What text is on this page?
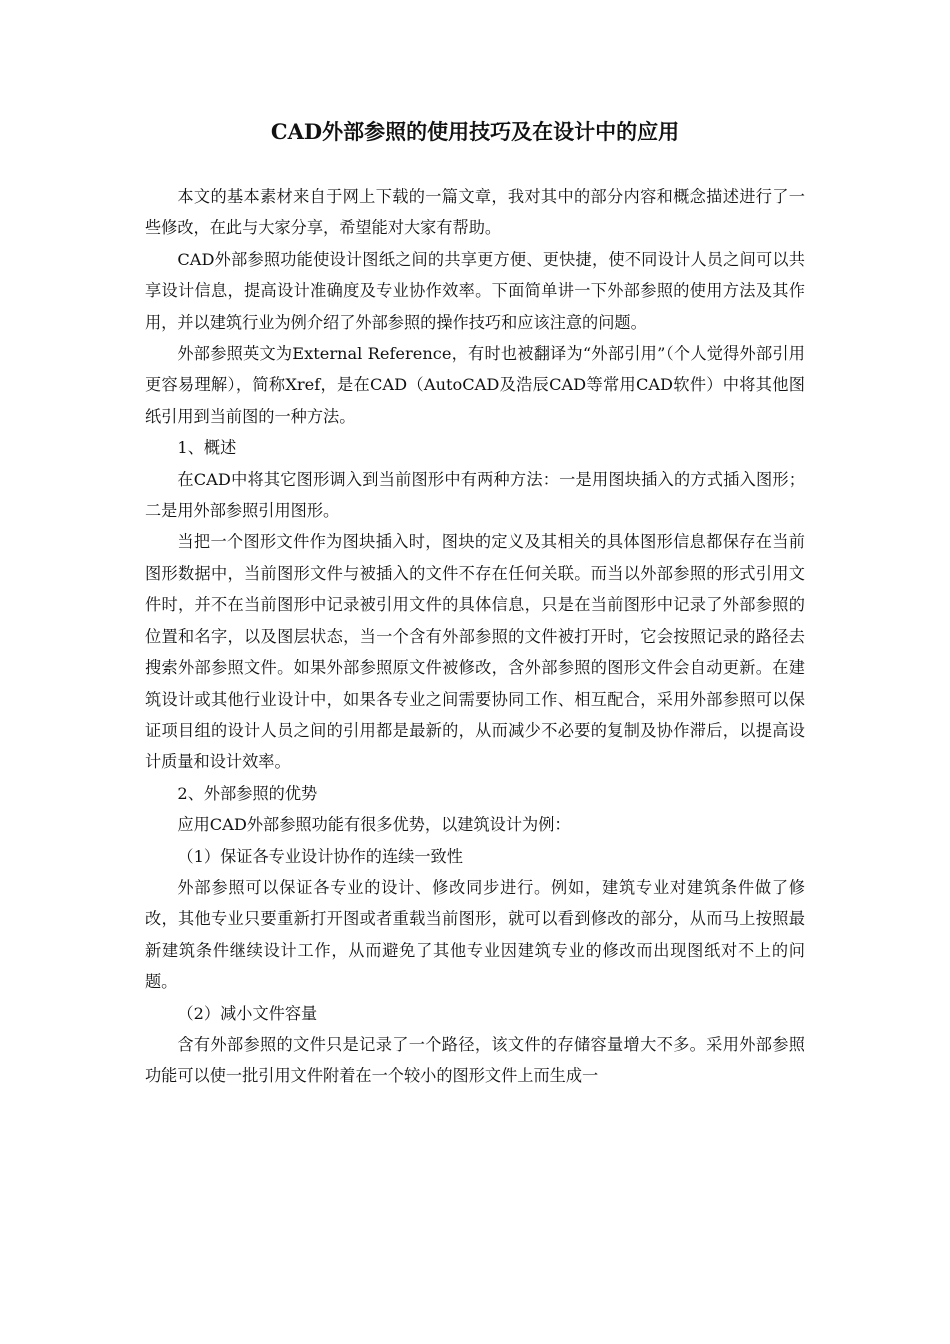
CAD外部参照的使用技巧及在设计中的应用

本文的基本素材来自于网上下载的一篇文章，我对其中的部分内容和概念描述进行了一些修改，在此与大家分享，希望能对大家有帮助。

CAD外部参照功能使设计图纸之间的共享更方便、更快捷，使不同设计人员之间可以共享设计信息，提高设计准确度及专业协作效率。下面简单讲一下外部参照的使用方法及其作用，并以建筑行业为例介绍了外部参照的操作技巧和应该注意的问题。

外部参照英文为External Reference，有时也被翻译为“外部引用”（个人觉得外部引用更容易理解），简称Xref，是在CAD（AutoCAD及浩辰CAD等常用CAD软件）中将其他图纸引用到当前图的一种方法。

1、概述

在CAD中将其它图形调入到当前图形中有两种方法：一是用图块插入的方式插入图形；二是用外部参照引用图形。

当把一个图形文件作为图块插入时，图块的定义及其相关的具体图形信息都保存在当前图形数据中，当前图形文件与被插入的文件不存在任何关联。而当以外部参照的形式引用文件时，并不在当前图形中记录被引用文件的具体信息，只是在当前图形中记录了外部参照的位置和名字，以及图层状态，当一个含有外部参照的文件被打开时，它会按照记录的路径去搜索外部参照文件。如果外部参照原文件被修改，含外部参照的图形文件会自动更新。在建筑设计或其他行业设计中，如果各专业之间需要协同工作、相互配合，采用外部参照可以保证项目组的设计人员之间的引用都是最新的，从而减少不必要的复制及协作滞后，以提高设计质量和设计效率。

2、外部参照的优势

应用CAD外部参照功能有很多优势，以建筑设计为例：

（1）保证各专业设计协作的连续一致性

外部参照可以保证各专业的设计、修改同步进行。例如，建筑专业对建筑条件做了修改，其他专业只要重新打开图或者重载当前图形，就可以看到修改的部分，从而马上按照最新建筑条件继续设计工作，从而避免了其他专业因建筑专业的修改而出现图纸对不上的问题。

（2）减小文件容量

含有外部参照的文件只是记录了一个路径，该文件的存储容量增大不多。采用外部参照功能可以使一批引用文件附着在一个较小的图形文件上而生成一
